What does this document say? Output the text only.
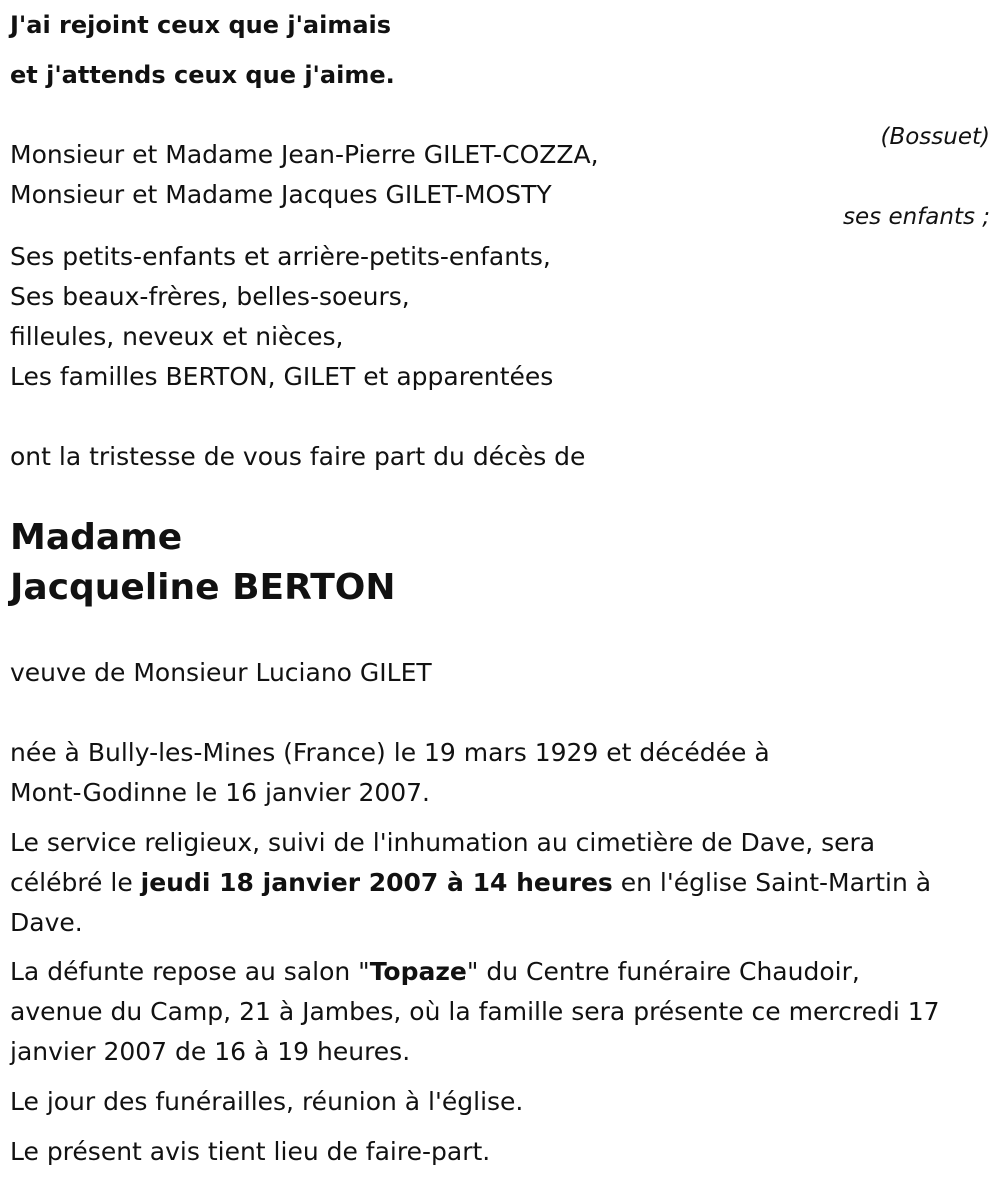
J'ai rejoint ceux que j'aimais
et j'attends ceux que j'aime.
(Bossuet)
Monsieur et Madame Jean-Pierre GILET-COZZA,
Monsieur et Madame Jacques GILET-MOSTY
ses enfants ;
Ses petits-enfants et arrière-petits-enfants,
Ses beaux-frères, belles-soeurs,
filleules, neveux et nièces,
Les familles BERTON, GILET et apparentées
ont la tristesse de vous faire part du décès de
Madame
Jacqueline BERTON
veuve de Monsieur Luciano GILET
née à Bully-les-Mines (France) le 19 mars 1929 et décédée à
Mont-Godinne le 16 janvier 2007.
Le service religieux, suivi de l'inhumation au cimetière de Dave, sera
célébré le jeudi 18 janvier 2007 à 14 heures en l'église Saint-Martin à
Dave.
La défunte repose au salon "Topaze" du Centre funéraire Chaudoir,
avenue du Camp, 21 à Jambes, où la famille sera présente ce mercredi 17
janvier 2007 de 16 à 19 heures.
Le jour des funérailles, réunion à l'église.
Le présent avis tient lieu de faire-part.
